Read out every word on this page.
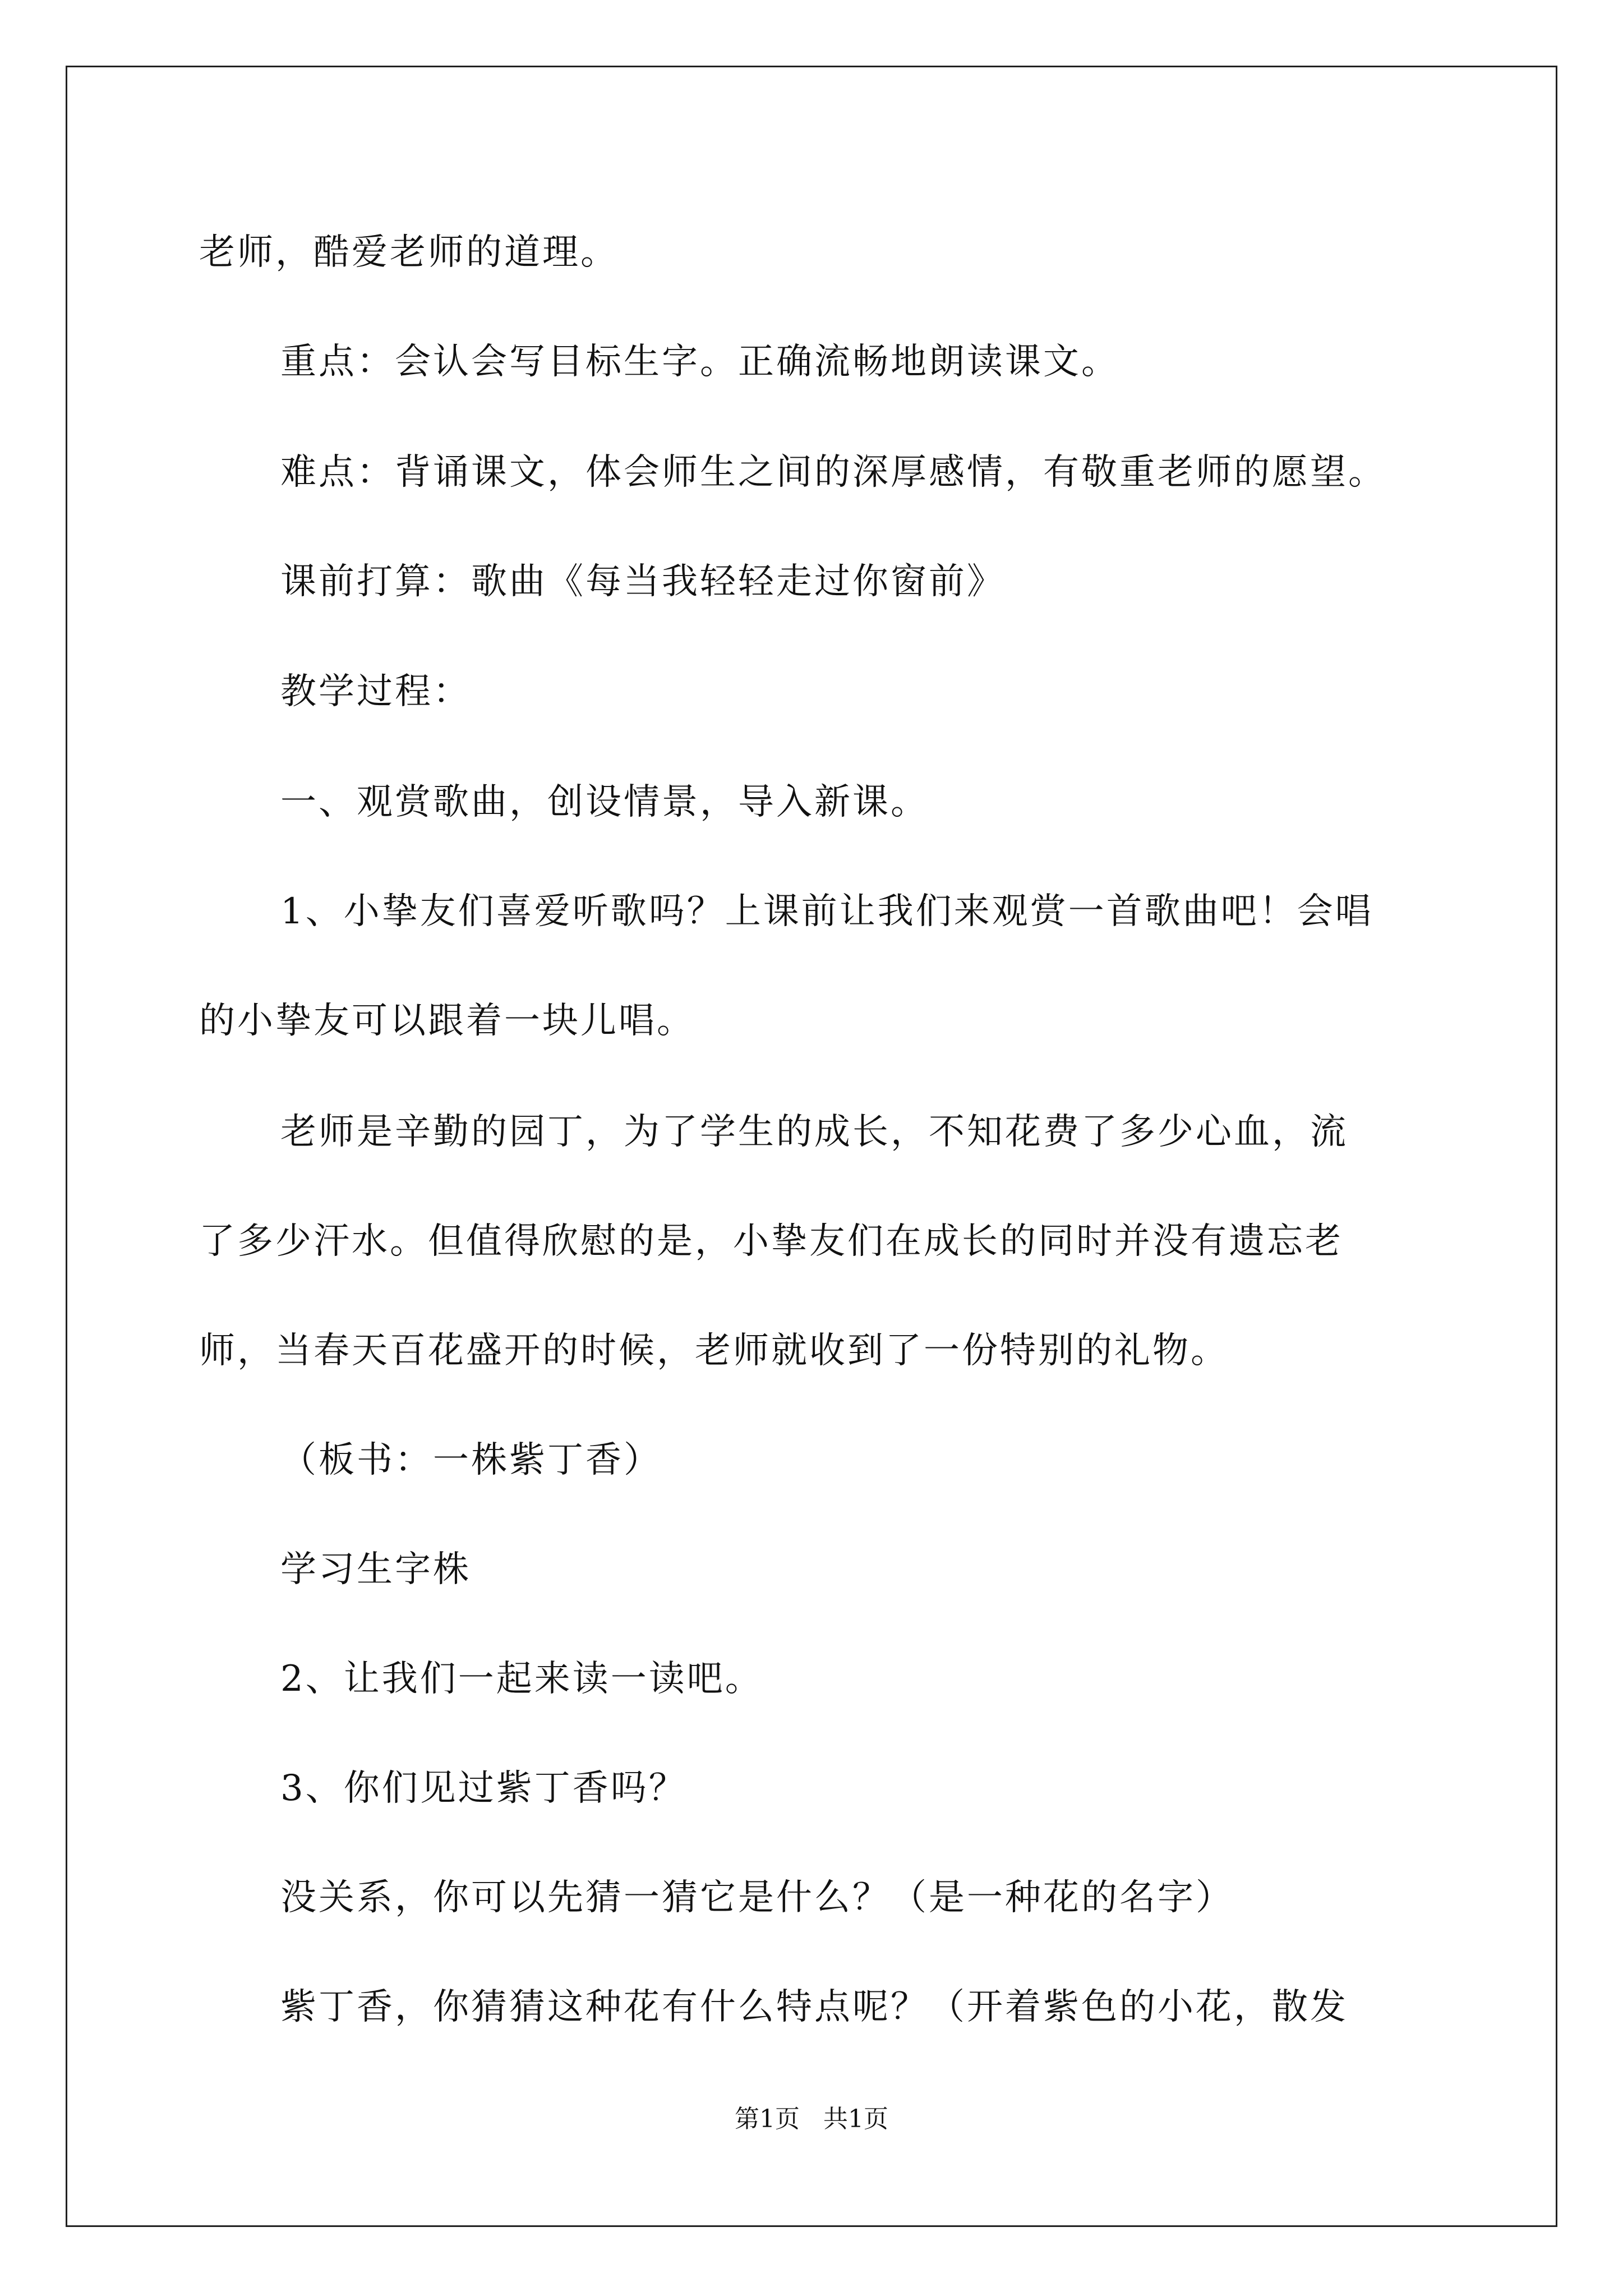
老师，酷爱老师的道理。
重点：会认会写目标生字。正确流畅地朗读课文。
难点：背诵课文，体会师生之间的深厚感情，有敬重老师的愿望。
课前打算：歌曲《每当我轻轻走过你窗前》
教学过程：
一、观赏歌曲，创设情景，导入新课。
1、小挚友们喜爱听歌吗？上课前让我们来观赏一首歌曲吧！会唱
的小挚友可以跟着一块儿唱。
老师是辛勤的园丁，为了学生的成长，不知花费了多少心血，流
了多少汗水。但值得欣慰的是，小挚友们在成长的同时并没有遗忘老
师，当春天百花盛开的时候，老师就收到了一份特别的礼物。
（板书：一株紫丁香）
学习生字株
2、让我们一起来读一读吧。
3、你们见过紫丁香吗？
没关系，你可以先猜一猜它是什么？（是一种花的名字）
紫丁香，你猜猜这种花有什么特点呢？（开着紫色的小花，散发
第1页   共1页
